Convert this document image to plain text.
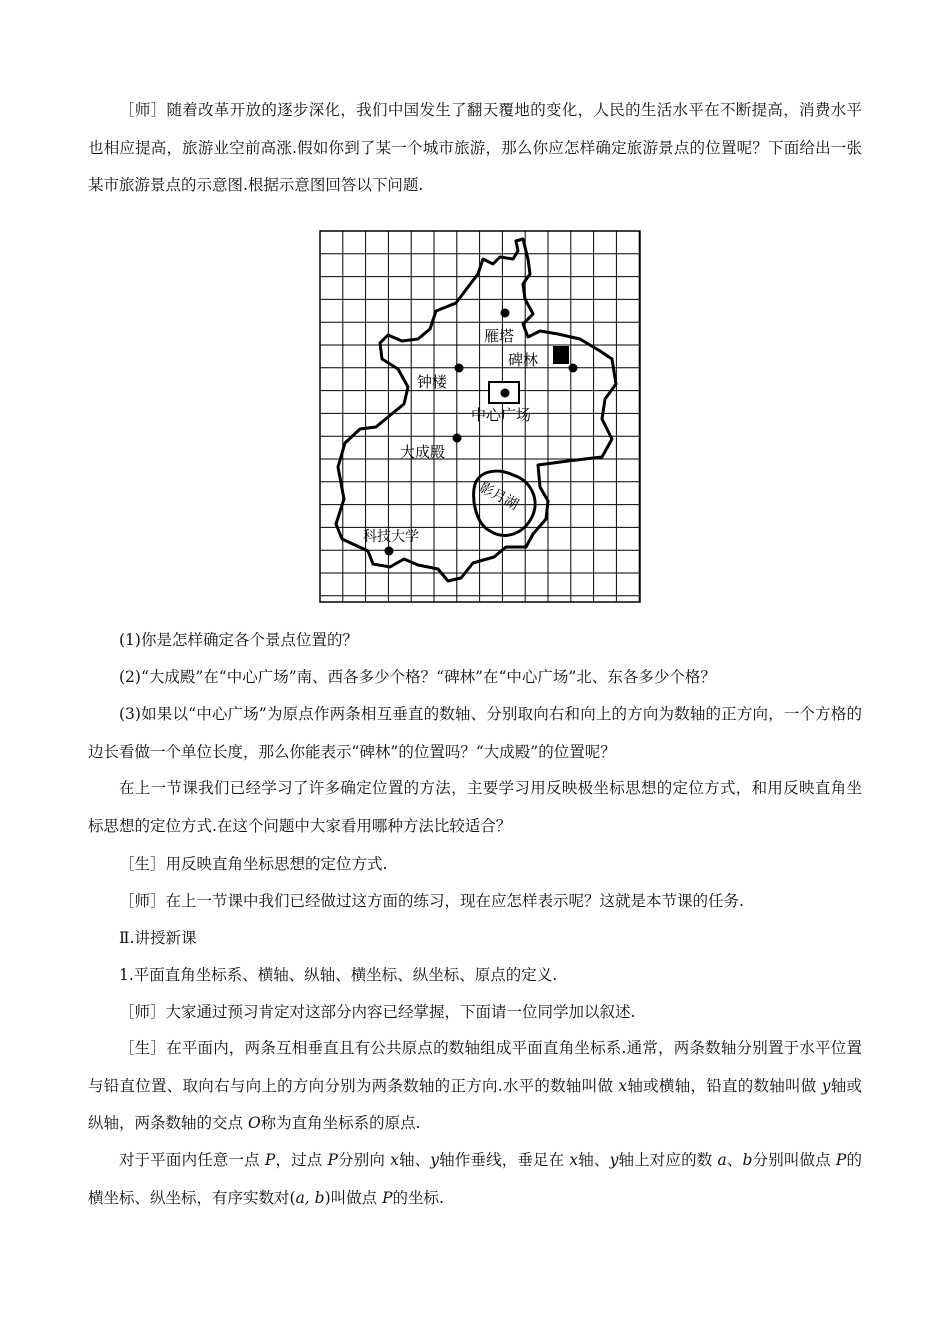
［师］随着改革开放的逐步深化，我们中国发生了翻天覆地的变化，人民的生活水平在不断提高，消费水平也相应提高，旅游业空前高涨.假如你到了某一个城市旅游，那么你应怎样确定旅游景点的位置呢？下面给出一张某市旅游景点的示意图.根据示意图回答以下问题.

雁塔
碑林
钟楼
中心广场
大成殿
影月湖
科技大学

(1)你是怎样确定各个景点位置的？

(2)“大成殿”在“中心广场”南、西各多少个格？“碑林”在“中心广场”北、东各多少个格？

(3)如果以“中心广场”为原点作两条相互垂直的数轴、分别取向右和向上的方向为数轴的正方向，一个方格的边长看做一个单位长度，那么你能表示“碑林”的位置吗？“大成殿”的位置呢？

在上一节课我们已经学习了许多确定位置的方法，主要学习用反映极坐标思想的定位方式，和用反映直角坐标思想的定位方式.在这个问题中大家看用哪种方法比较适合？

［生］用反映直角坐标思想的定位方式.

［师］在上一节课中我们已经做过这方面的练习，现在应怎样表示呢？这就是本节课的任务.

Ⅱ.讲授新课

1.平面直角坐标系、横轴、纵轴、横坐标、纵坐标、原点的定义.

［师］大家通过预习肯定对这部分内容已经掌握，下面请一位同学加以叙述.

［生］在平面内，两条互相垂直且有公共原点的数轴组成平面直角坐标系.通常，两条数轴分别置于水平位置与铅直位置、取向右与向上的方向分别为两条数轴的正方向.水平的数轴叫做 x轴或横轴，铅直的数轴叫做 y轴或纵轴，两条数轴的交点 O称为直角坐标系的原点.

对于平面内任意一点 P，过点 P分别向 x轴、y轴作垂线，垂足在 x轴、y轴上对应的数 a、b分别叫做点 P的横坐标、纵坐标，有序实数对(a, b)叫做点 P的坐标.
